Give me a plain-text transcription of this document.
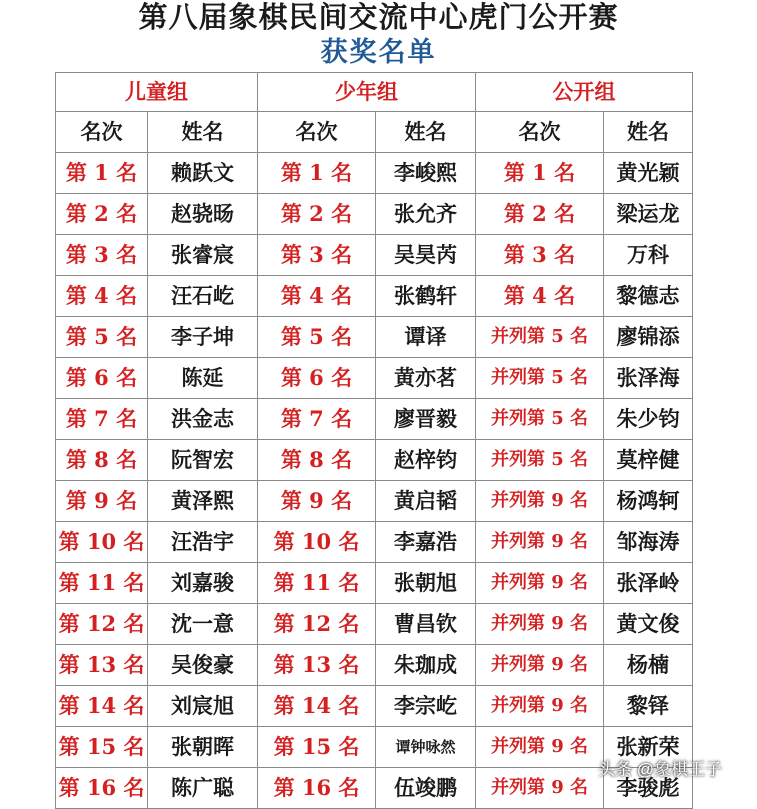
第八届象棋民间交流中心虎门公开赛
获奖名单
儿童组		少年组		公开组	
名次	姓名	名次	姓名	名次	姓名
第 1 名	赖跃文	第 1 名	李峻熙	第 1 名	黄光颖
第 2 名	赵骁旸	第 2 名	张允齐	第 2 名	梁运龙
第 3 名	张睿宸	第 3 名	吴昊芮	第 3 名	万科
第 4 名	汪石屹	第 4 名	张鹤轩	第 4 名	黎德志
第 5 名	李子坤	第 5 名	谭译	并列第 5 名	廖锦添
第 6 名	陈延	第 6 名	黄亦茗	并列第 5 名	张泽海
第 7 名	洪金志	第 7 名	廖晋毅	并列第 5 名	朱少钧
第 8 名	阮智宏	第 8 名	赵梓钧	并列第 5 名	莫梓健
第 9 名	黄泽熙	第 9 名	黄启韬	并列第 9 名	杨鸿轲
第 10 名	汪浩宇	第 10 名	李嘉浩	并列第 9 名	邹海涛
第 11 名	刘嘉骏	第 11 名	张朝旭	并列第 9 名	张泽岭
第 12 名	沈一意	第 12 名	曹昌钦	并列第 9 名	黄文俊
第 13 名	吴俊豪	第 13 名	朱珈成	并列第 9 名	杨楠
第 14 名	刘宸旭	第 14 名	李宗屹	并列第 9 名	黎铎
第 15 名	张朝晖	第 15 名	谭钟咏然	并列第 9 名	张新荣
第 16 名	陈广聪	第 16 名	伍竣鹏	并列第 9 名	李骏彪
头条 @象棋王子
